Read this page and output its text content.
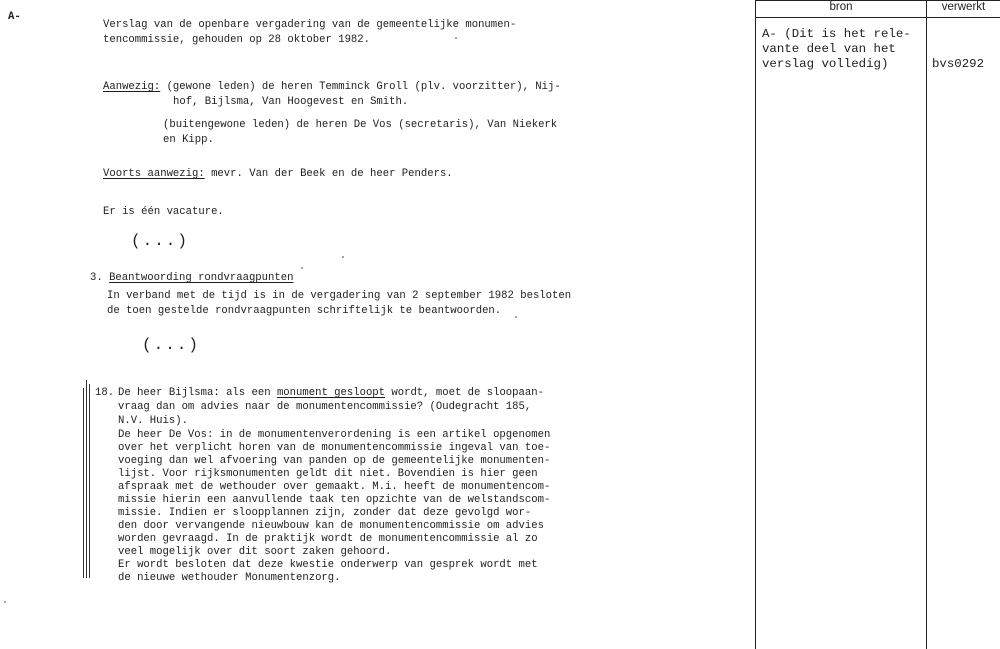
A-
Verslag van de openbare vergadering van de gemeentelijke monumen-
tencommissie, gehouden op 28 oktober 1982.
Aanwezig: (gewone leden) de heren Temminck Groll (plv. voorzitter), Nij-
hof, Bijlsma, Van Hoogevest en Smith.
(buitengewone leden) de heren De Vos (secretaris), Van Niekerk
en Kipp.
Voorts aanwezig: mevr. Van der Beek en de heer Penders.
Er is één vacature.
(...)
3. Beantwoording rondvraagpunten
In verband met de tijd is in de vergadering van 2 september 1982 besloten
de toen gestelde rondvraagpunten schriftelijk te beantwoorden.
(...)
18. De heer Bijlsma: als een monument gesloopt wordt, moet de sloopaan-
vraag dan om advies naar de monumentencommissie? (Oudegracht 185,
N.V. Huis).
De heer De Vos: in de monumentenverordening is een artikel opgenomen
over het verplicht horen van de monumentencommissie ingeval van toe-
voeging dan wel afvoering van panden op de gemeentelijke monumenten-
lijst. Voor rijksmonumenten geldt dit niet. Bovendien is hier geen
afspraak met de wethouder over gemaakt. M.i. heeft de monumentencom-
missie hierin een aanvullende taak ten opzichte van de welstandscom-
missie. Indien er sloopplannen zijn, zonder dat deze gevolgd wor-
den door vervangende nieuwbouw kan de monumentencommissie om advies
worden gevraagd. In de praktijk wordt de monumentencommissie al zo
veel mogelijk over dit soort zaken gehoord.
Er wordt besloten dat deze kwestie onderwerp van gesprek wordt met
de nieuwe wethouder Monumentenzorg.
bron	verwerkt
A- (Dit is het rele-
vante deel van het
verslag volledig)	bvs0292
